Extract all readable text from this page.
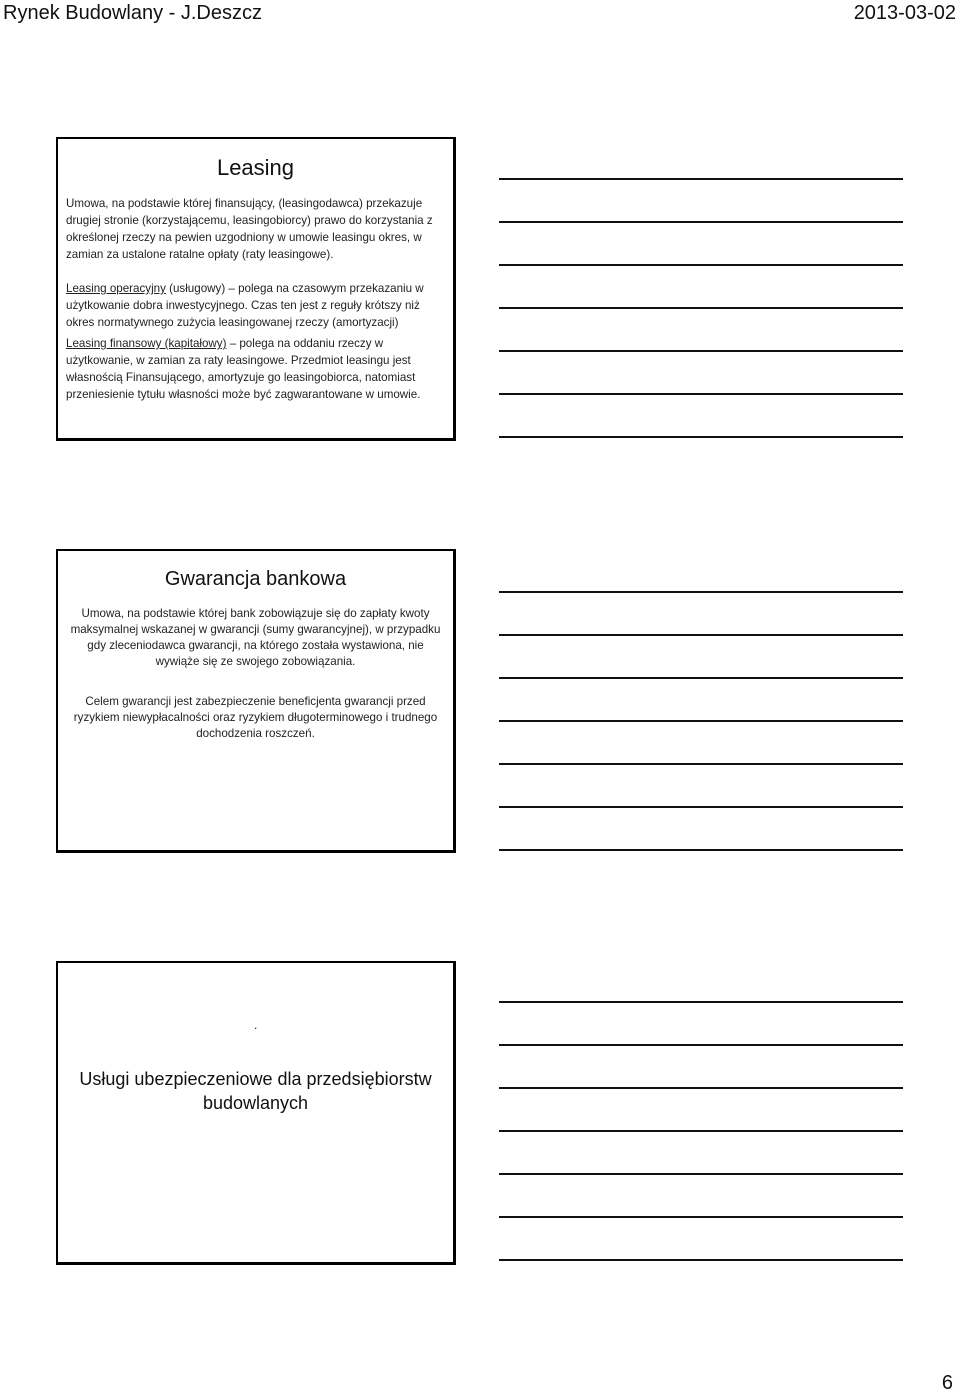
Rynek Budowlany - J.Deszcz	2013-03-02
Leasing

Umowa, na podstawie której finansujący, (leasingodawca) przekazuje drugiej stronie (korzystającemu, leasingobiorcy) prawo do korzystania z określonej rzeczy na pewien uzgodniony w umowie leasingu okres, w zamian za ustalone ratalne opłaty (raty leasingowe).

Leasing operacyjny (usługowy) – polega na czasowym przekazaniu w użytkowanie dobra inwestycyjnego. Czas ten jest z reguły krótszy niż okres normatywnego zużycia leasingowanej rzeczy (amortyzacji)

Leasing finansowy (kapitałowy) – polega na oddaniu rzeczy w użytkowanie, w zamian za raty leasingowe. Przedmiot leasingu jest własnością Finansującego, amortyzuje go leasingobiorca, natomiast przeniesienie tytułu własności może być zagwarantowane w umowie.

Gwarancja bankowa

Umowa, na podstawie której bank zobowiązuje się do zapłaty kwoty maksymalnej wskazanej w gwarancji (sumy gwarancyjnej), w przypadku gdy zleceniodawca gwarancji, na którego została wystawiona, nie wywiąże się ze swojego zobowiązania.

Celem gwarancji jest zabezpieczenie beneficjenta gwarancji przed ryzykiem niewypłacalności oraz ryzykiem długoterminowego i trudnego dochodzenia roszczeń.

.
Usługi ubezpieczeniowe dla przedsiębiorstw budowlanych
6
